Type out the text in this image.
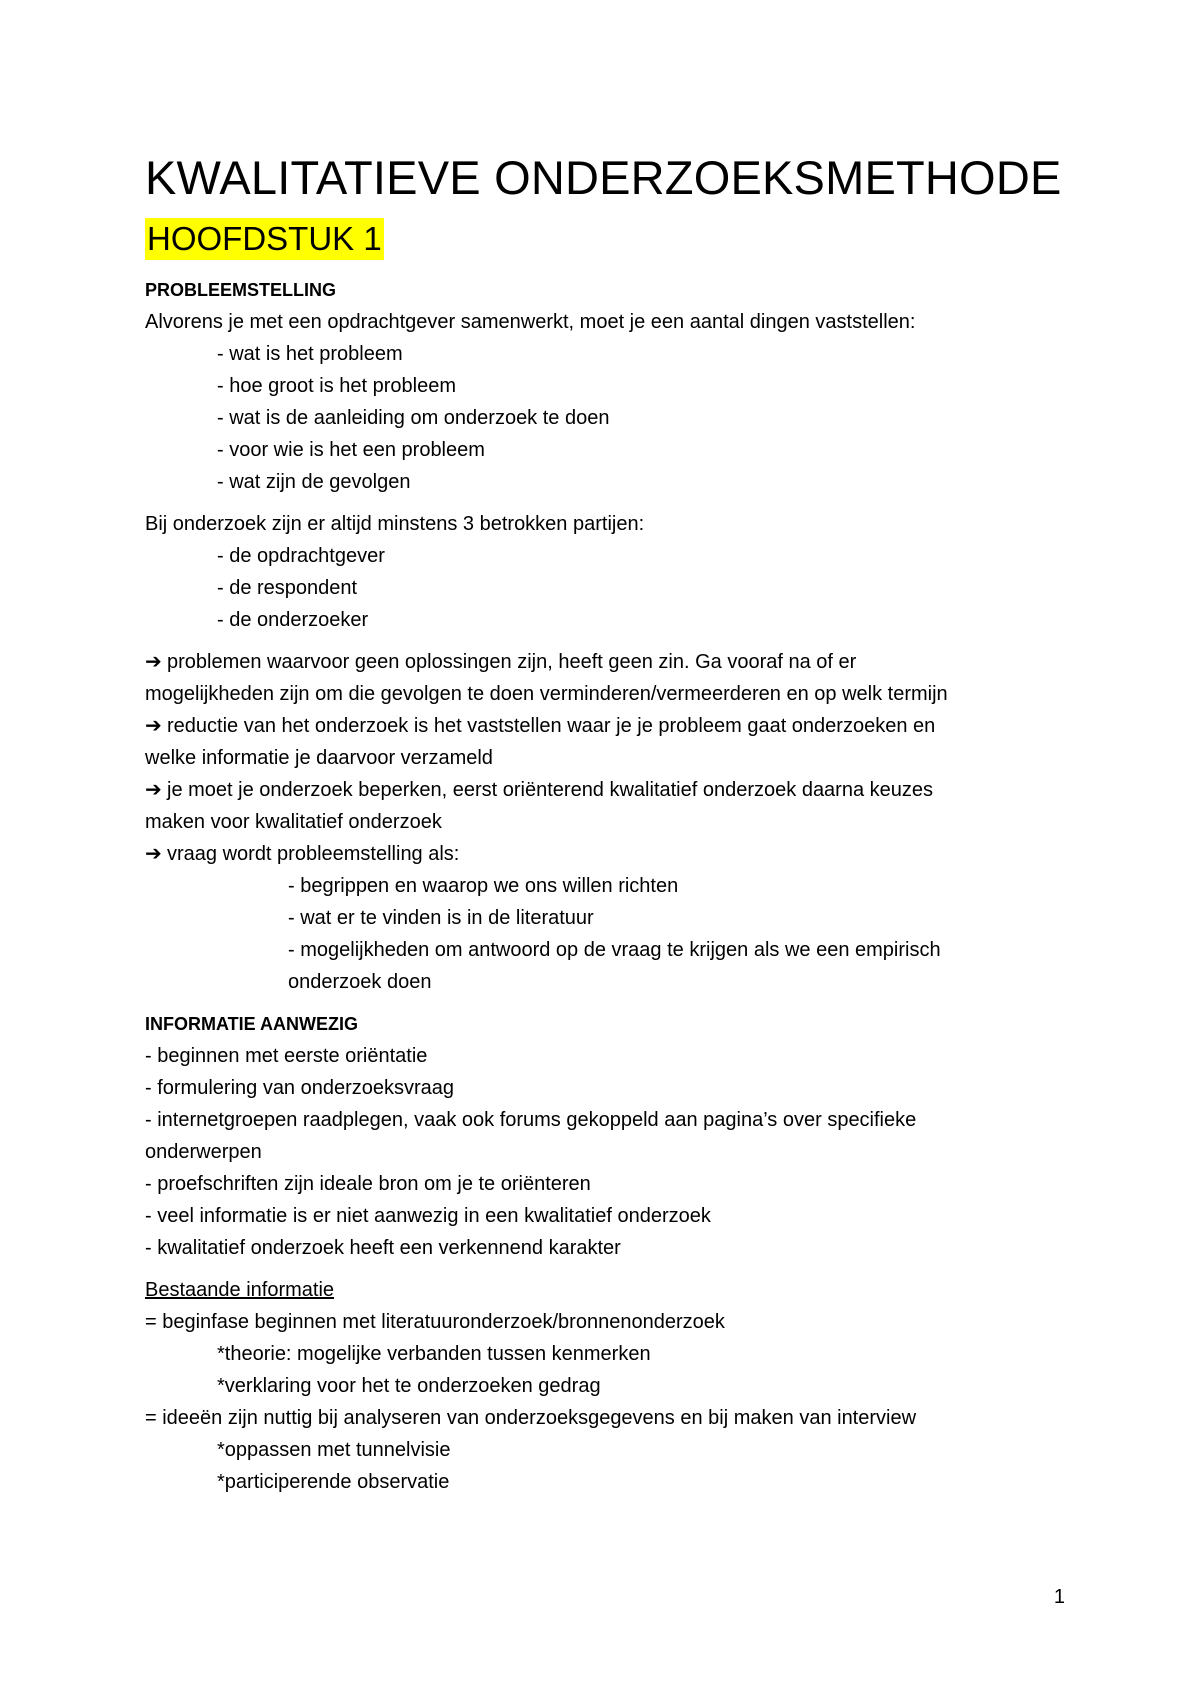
KWALITATIEVE ONDERZOEKSMETHODE
HOOFDSTUK 1
PROBLEEMSTELLING
Alvorens je met een opdrachtgever samenwerkt, moet je een aantal dingen vaststellen:
- wat is het probleem
- hoe groot is het probleem
- wat is de aanleiding om onderzoek te doen
- voor wie is het een probleem
- wat zijn de gevolgen
Bij onderzoek zijn er altijd minstens 3 betrokken partijen:
- de opdrachtgever
- de respondent
- de onderzoeker
➔ problemen waarvoor geen oplossingen zijn, heeft geen zin. Ga vooraf na of er
mogelijkheden zijn om die gevolgen te doen verminderen/vermeerderen en op welk termijn
➔ reductie van het onderzoek is het vaststellen waar je je probleem gaat onderzoeken en
welke informatie je daarvoor verzameld
➔ je moet je onderzoek beperken, eerst oriënterend kwalitatief onderzoek daarna keuzes
maken voor kwalitatief onderzoek
➔ vraag wordt probleemstelling als:
- begrippen en waarop we ons willen richten
- wat er te vinden is in de literatuur
- mogelijkheden om antwoord op de vraag te krijgen als we een empirisch
onderzoek doen
INFORMATIE AANWEZIG
- beginnen met eerste oriëntatie
- formulering van onderzoeksvraag
- internetgroepen raadplegen, vaak ook forums gekoppeld aan pagina’s over specifieke
onderwerpen
- proefschriften zijn ideale bron om je te oriënteren
- veel informatie is er niet aanwezig in een kwalitatief onderzoek
- kwalitatief onderzoek heeft een verkennend karakter
Bestaande informatie
= beginfase beginnen met literatuuronderzoek/bronnenonderzoek
*theorie: mogelijke verbanden tussen kenmerken
*verklaring voor het te onderzoeken gedrag
= ideeën zijn nuttig bij analyseren van onderzoeksgegevens en bij maken van interview
*oppassen met tunnelvisie
*participerende observatie
1
